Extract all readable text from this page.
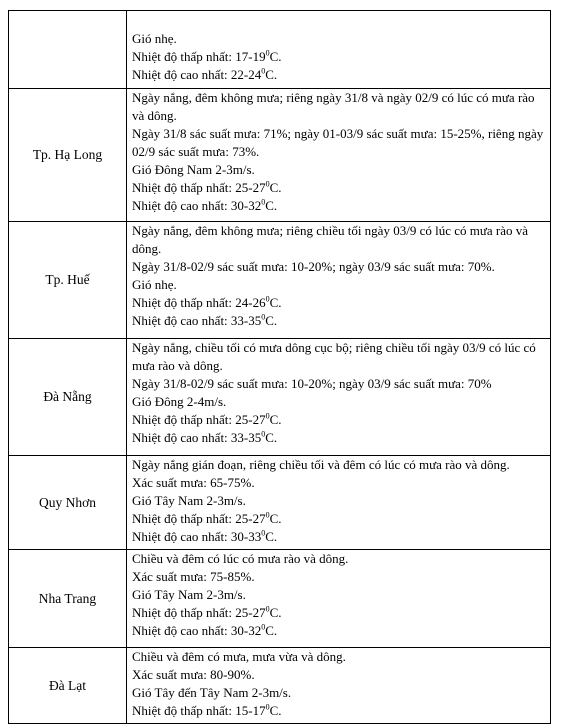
	Gió nhẹ.
Nhiệt độ thấp nhất: $17-19^0C$.
Nhiệt độ cao nhất: $22-24^0C$.

Tp. Hạ Long	Ngày nắng, đêm không mưa; riêng ngày 31/8 và ngày 02/9 có lúc có mưa rào và dông.
Ngày 31/8 sác suất mưa: 71%; ngày 01-03/9 sác suất mưa: 15-25%, riêng ngày 02/9 sác suất mưa: 73%.
Gió Đông Nam 2-3m/s.
Nhiệt độ thấp nhất: $25-27^0C$.
Nhiệt độ cao nhất: $30-32^0C$.

Tp. Huế	Ngày nắng, đêm không mưa; riêng chiều tối ngày 03/9 có lúc có mưa rào và dông.
Ngày 31/8-02/9 sác suất mưa: 10-20%; ngày 03/9 sác suất mưa: 70%.
Gió nhẹ.
Nhiệt độ thấp nhất: $24-26^0C$.
Nhiệt độ cao nhất: $33-35^0C$.

Đà Nẵng	Ngày nắng, chiều tối có mưa dông cục bộ; riêng chiều tối ngày 03/9 có lúc có mưa rào và dông.
Ngày 31/8-02/9 sác suất mưa: 10-20%; ngày 03/9 sác suất mưa: 70%
Gió Đông 2-4m/s.
Nhiệt độ thấp nhất: $25-27^0C$.
Nhiệt độ cao nhất: $33-35^0C$.

Quy Nhơn	Ngày nắng gián đoạn, riêng chiều tối và đêm có lúc có mưa rào và dông.
Xác suất mưa: 65-75%.
Gió Tây Nam 2-3m/s.
Nhiệt độ thấp nhất: $25-27^0C$.
Nhiệt độ cao nhất: $30-33^0C$.

Nha Trang	Chiều và đêm có lúc có mưa rào và dông.
Xác suất mưa: 75-85%.
Gió Tây Nam 2-3m/s.
Nhiệt độ thấp nhất: $25-27^0C$.
Nhiệt độ cao nhất: $30-32^0C$.

Đà Lạt	Chiều và đêm có mưa, mưa vừa và dông.
Xác suất mưa: 80-90%.
Gió Tây đến Tây Nam 2-3m/s.
Nhiệt độ thấp nhất: $15-17^0C$.
